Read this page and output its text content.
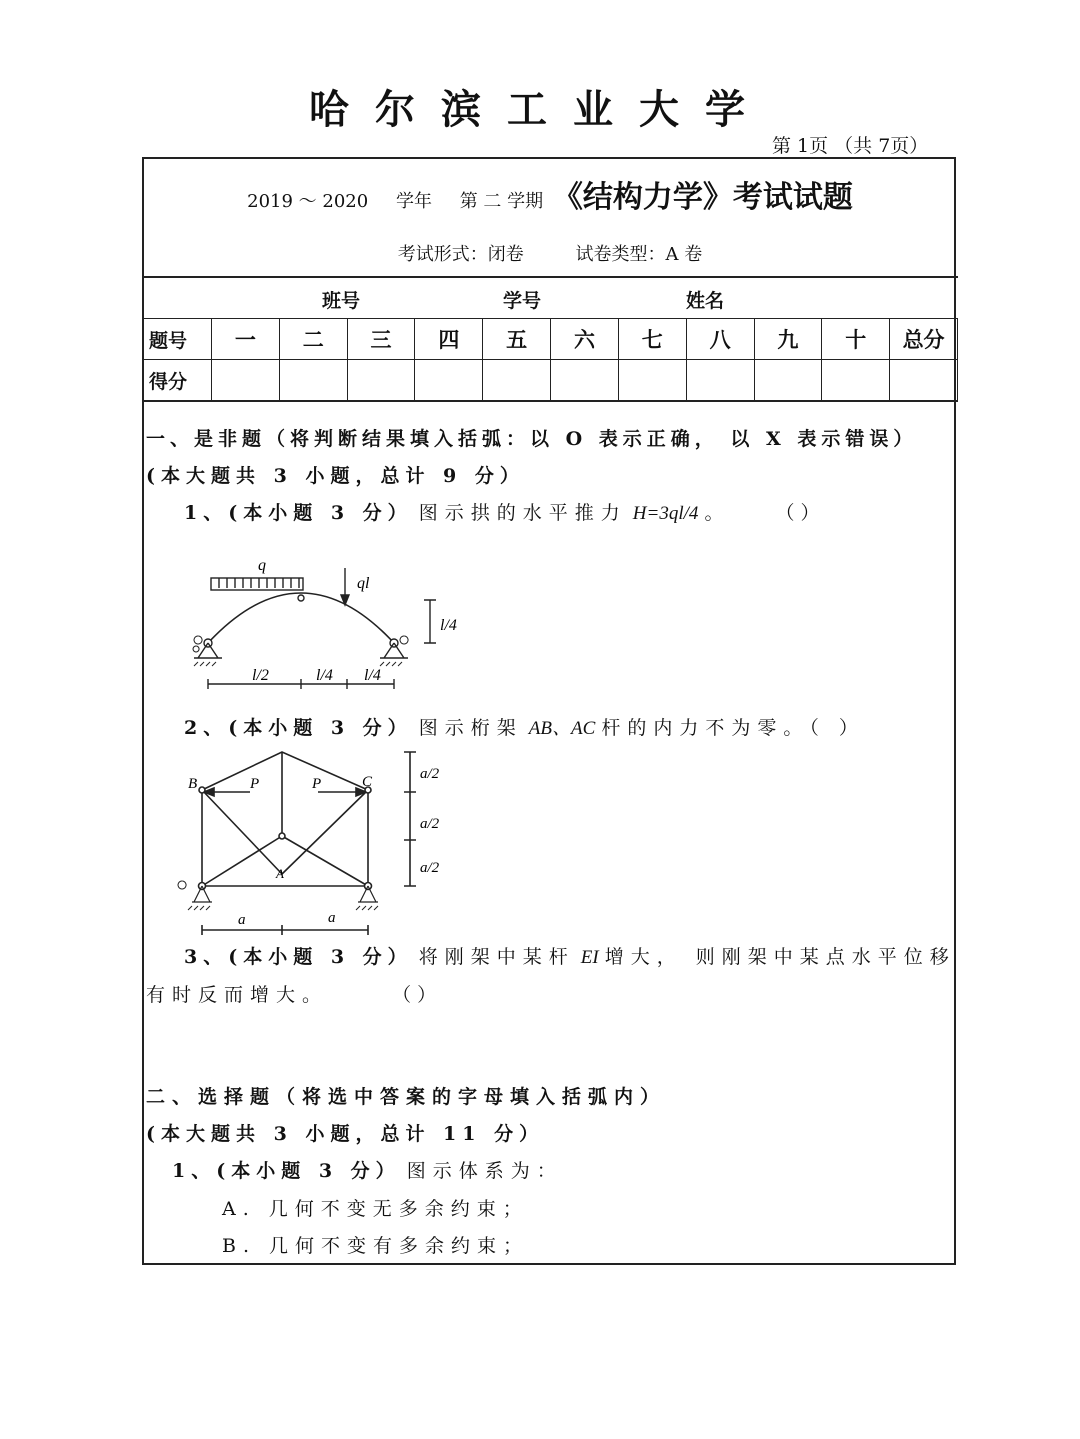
哈尔滨工业大学
第 1页 （共 7页）
2019 ～ 2020 学年 第 二 学期 《结构力学》考试试题
考试形式：闭卷	试卷类型：A 卷
班号	学号	姓名
题号	一	二	三	四	五	六	七	八	九	十	总分
得分											
一、是非题（将判断结果填入括弧：以 O 表示正确， 以 X 表示错误）
(本大题共 3 小题，总计 9 分）
1、(本小题 3 分） 图示拱的水平推力 H=3ql/4 。	（ ）
q
ql
l/4
l/2	l/4 l/4
2、(本小题 3 分） 图示桁架 AB、AC 杆的内力不为零。（ ）
B	C
A
P	P
a/2
a/2
a/2
a	a
3、(本小题 3 分） 将刚架中某杆 EI 增大， 则刚架中某点水平位移
有时反而增大。	（ ）
二、选择题（将选中答案的字母填入括弧内）
(本大题共 3 小题，总计 11 分）
1、(本小题 3 分） 图示体系为：
A. 几何不变无多余约束；
B. 几何不变有多余约束；
